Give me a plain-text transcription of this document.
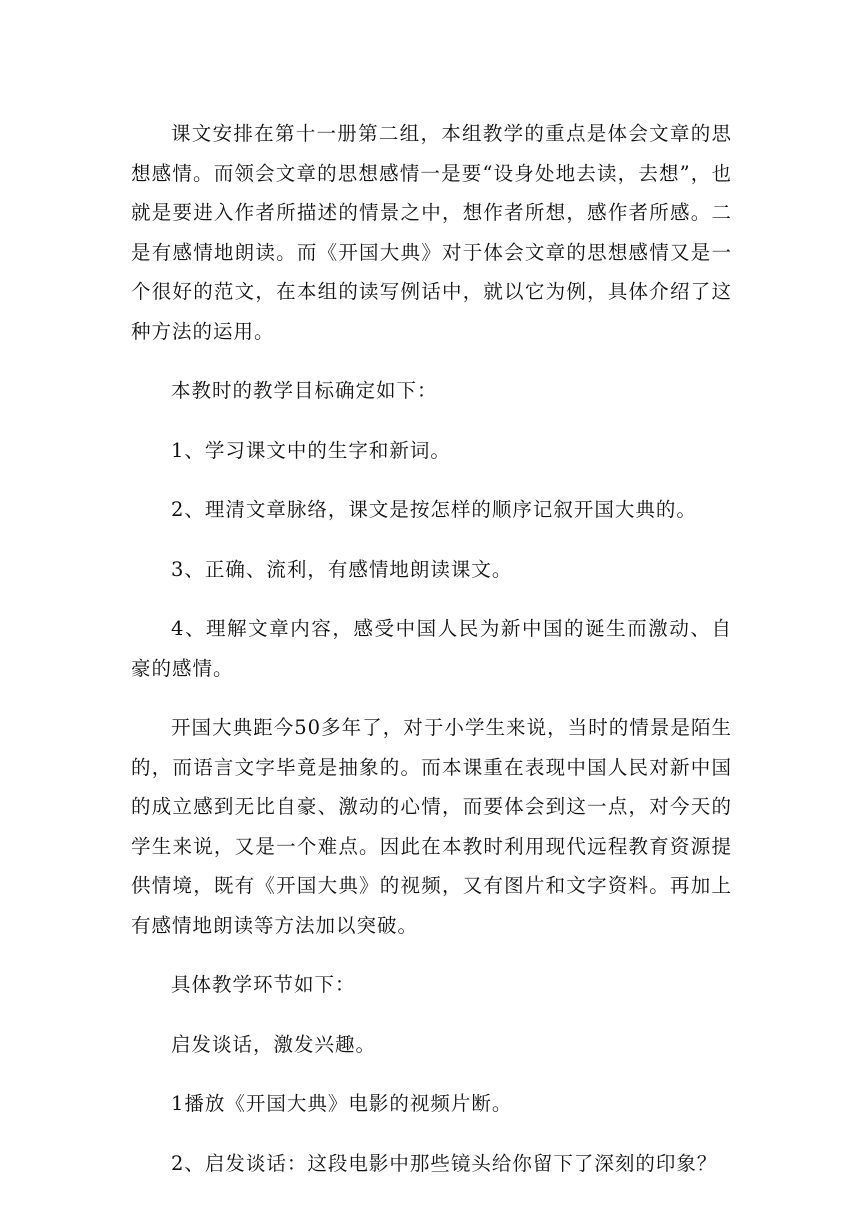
课文安排在第十一册第二组，本组教学的重点是体会文章的思想感情。而领会文章的思想感情一是要“设身处地去读，去想”，也就是要进入作者所描述的情景之中，想作者所想，感作者所感。二是有感情地朗读。而《开国大典》对于体会文章的思想感情又是一个很好的范文，在本组的读写例话中，就以它为例，具体介绍了这种方法的运用。

本教时的教学目标确定如下：

1、学习课文中的生字和新词。

2、理清文章脉络，课文是按怎样的顺序记叙开国大典的。

3、正确、流利，有感情地朗读课文。

4、理解文章内容，感受中国人民为新中国的诞生而激动、自豪的感情。

开国大典距今50多年了，对于小学生来说，当时的情景是陌生的，而语言文字毕竟是抽象的。而本课重在表现中国人民对新中国的成立感到无比自豪、激动的心情，而要体会到这一点，对今天的学生来说，又是一个难点。因此在本教时利用现代远程教育资源提供情境，既有《开国大典》的视频，又有图片和文字资料。再加上有感情地朗读等方法加以突破。

具体教学环节如下：

启发谈话，激发兴趣。

1播放《开国大典》电影的视频片断。

2、启发谈话：这段电影中那些镜头给你留下了深刻的印象？
